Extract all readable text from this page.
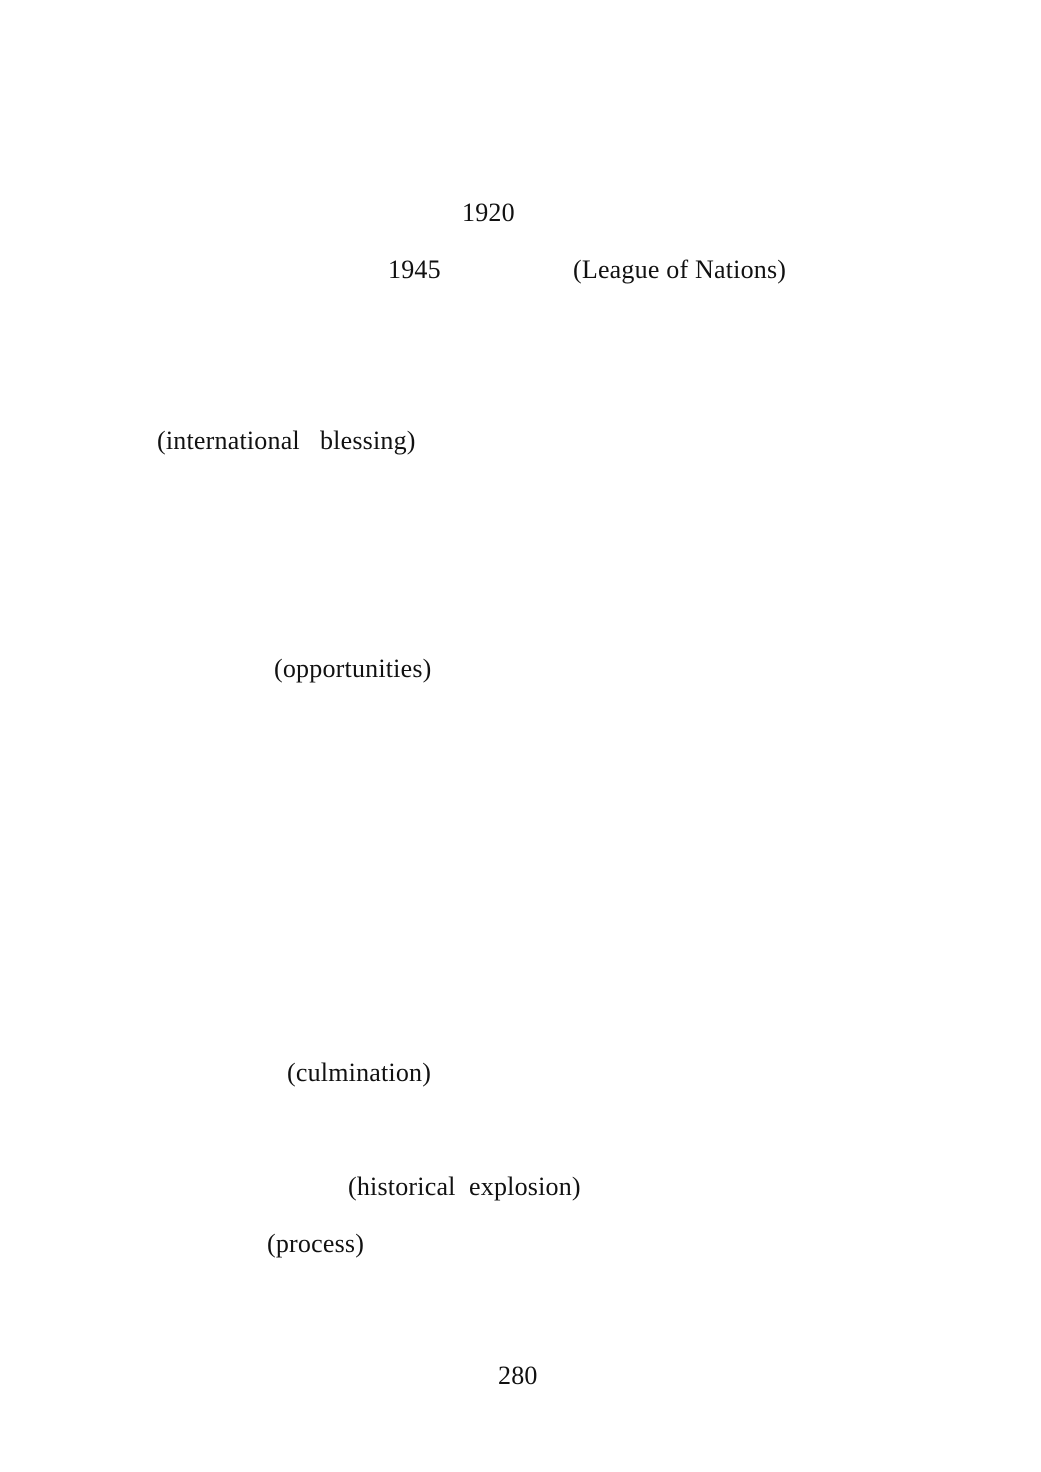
1920
1945	(League of Nations)
(international   blessing)
(opportunities)
(culmination)
(historical  explosion)
(process)
280
